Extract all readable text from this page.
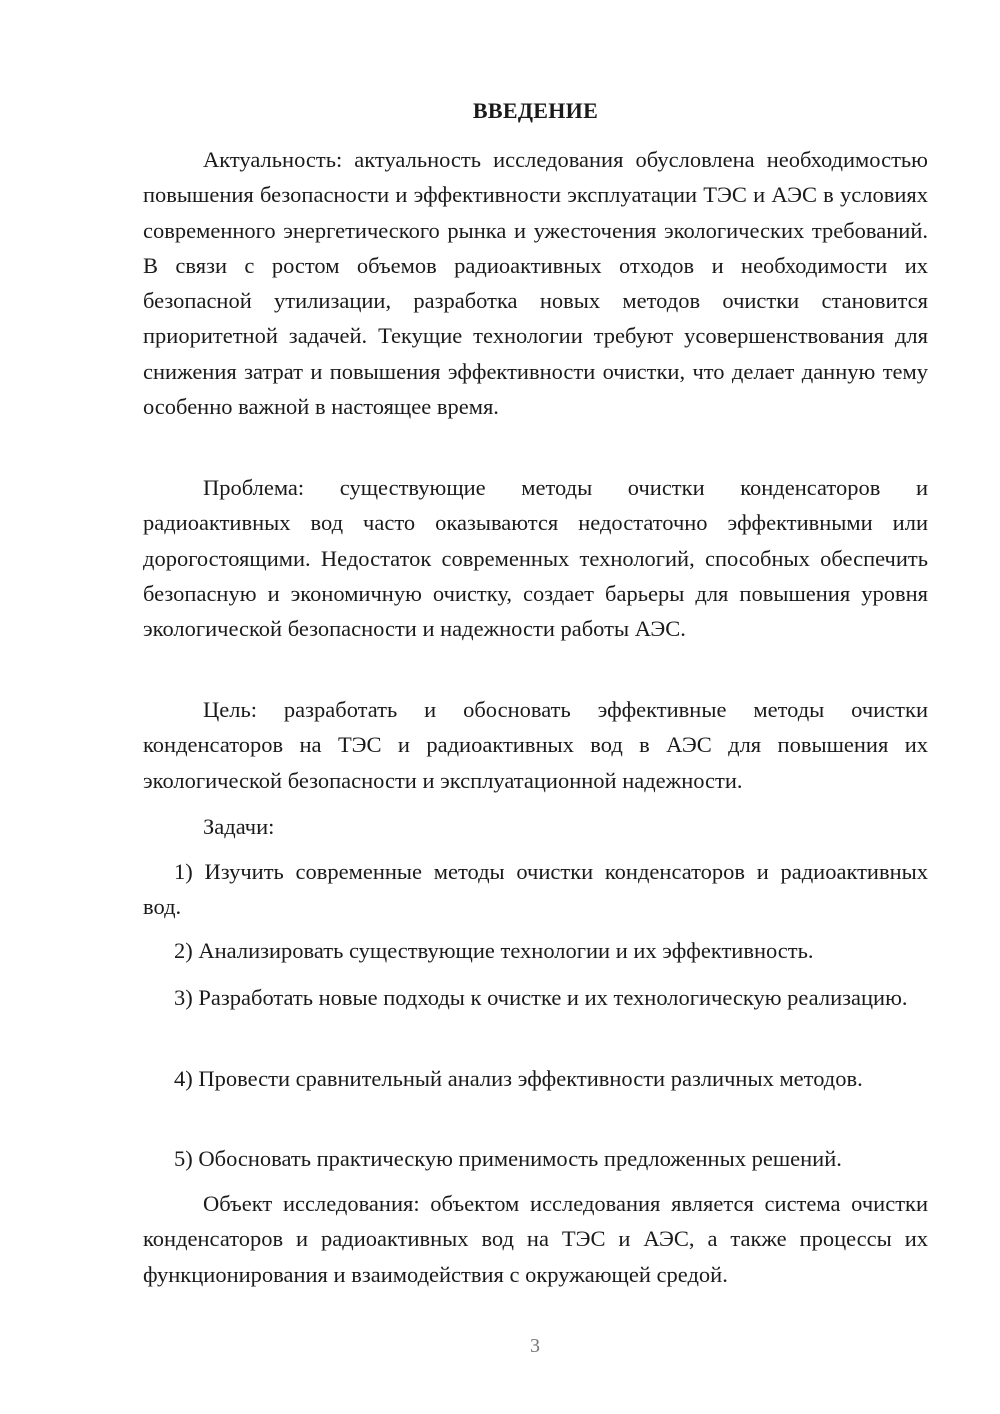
ВВЕДЕНИЕ

Актуальность: актуальность исследования обусловлена необходимостью повышения безопасности и эффективности эксплуатации ТЭС и АЭС в условиях современного энергетического рынка и ужесточения экологических требований. В связи с ростом объемов радиоактивных отходов и необходимости их безопасной утилизации, разработка новых методов очистки становится приоритетной задачей. Текущие технологии требуют усовершенствования для снижения затрат и повышения эффективности очистки, что делает данную тему особенно важной в настоящее время.

Проблема: существующие методы очистки конденсаторов и радиоактивных вод часто оказываются недостаточно эффективными или дорогостоящими. Недостаток современных технологий, способных обеспечить безопасную и экономичную очистку, создает барьеры для повышения уровня экологической безопасности и надежности работы АЭС.

Цель: разработать и обосновать эффективные методы очистки конденсаторов на ТЭС и радиоактивных вод в АЭС для повышения их экологической безопасности и эксплуатационной надежности.

Задачи:

1) Изучить современные методы очистки конденсаторов и радиоактивных вод.

2) Анализировать существующие технологии и их эффективность.

3) Разработать новые подходы к очистке и их технологическую реализацию.

4) Провести сравнительный анализ эффективности различных методов.

5) Обосновать практическую применимость предложенных решений.

Объект исследования: объектом исследования является система очистки конденсаторов и радиоактивных вод на ТЭС и АЭС, а также процессы их функционирования и взаимодействия с окружающей средой.

3
